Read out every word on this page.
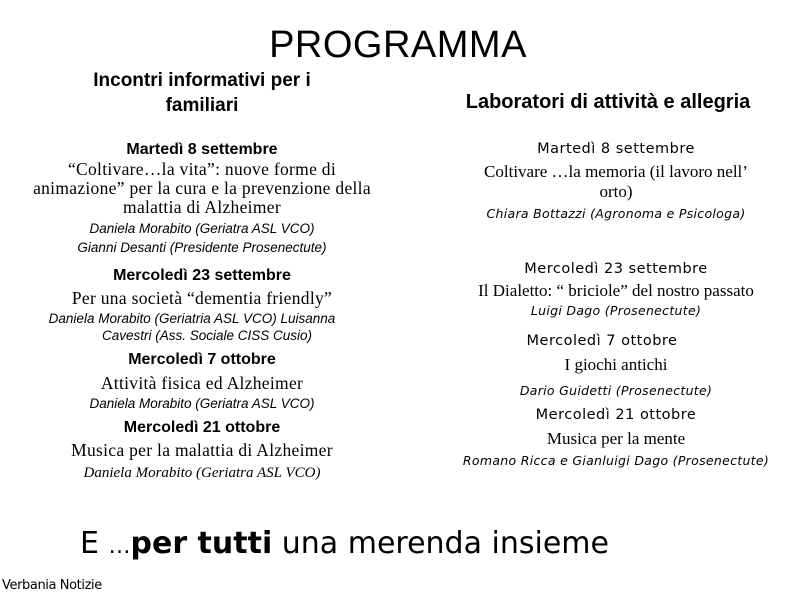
PROGRAMMA
Incontri informativi per i
familiari
Martedì 8 settembre
“Coltivare…la vita”: nuove forme di
animazione” per la cura e la prevenzione della
malattia di Alzheimer
Daniela Morabito (Geriatra ASL VCO)
Gianni Desanti (Presidente Prosenectute)
Mercoledì 23 settembre
Per una società “dementia friendly”
Daniela Morabito (Geriatria ASL VCO) Luisanna
Cavestri (Ass. Sociale CISS Cusio)
Mercoledì 7 ottobre
Attività fisica ed Alzheimer
Daniela Morabito (Geriatra ASL VCO)
Mercoledì 21 ottobre
Musica per la malattia di Alzheimer
Daniela Morabito (Geriatra ASL VCO)
Laboratori di attività e allegria
Martedì 8 settembre
Coltivare …la memoria (il lavoro nell’
orto)
Chiara Bottazzi (Agronoma e Psicologa)
Mercoledì 23 settembre
Il Dialetto: “ briciole” del nostro passato
Luigi Dago (Prosenectute)
Mercoledì 7 ottobre
I giochi antichi
Dario Guidetti (Prosenectute)
Mercoledì 21 ottobre
Musica per la mente
Romano Ricca e Gianluigi Dago (Prosenectute)
E …per tutti una merenda insieme
Verbania Notizie
